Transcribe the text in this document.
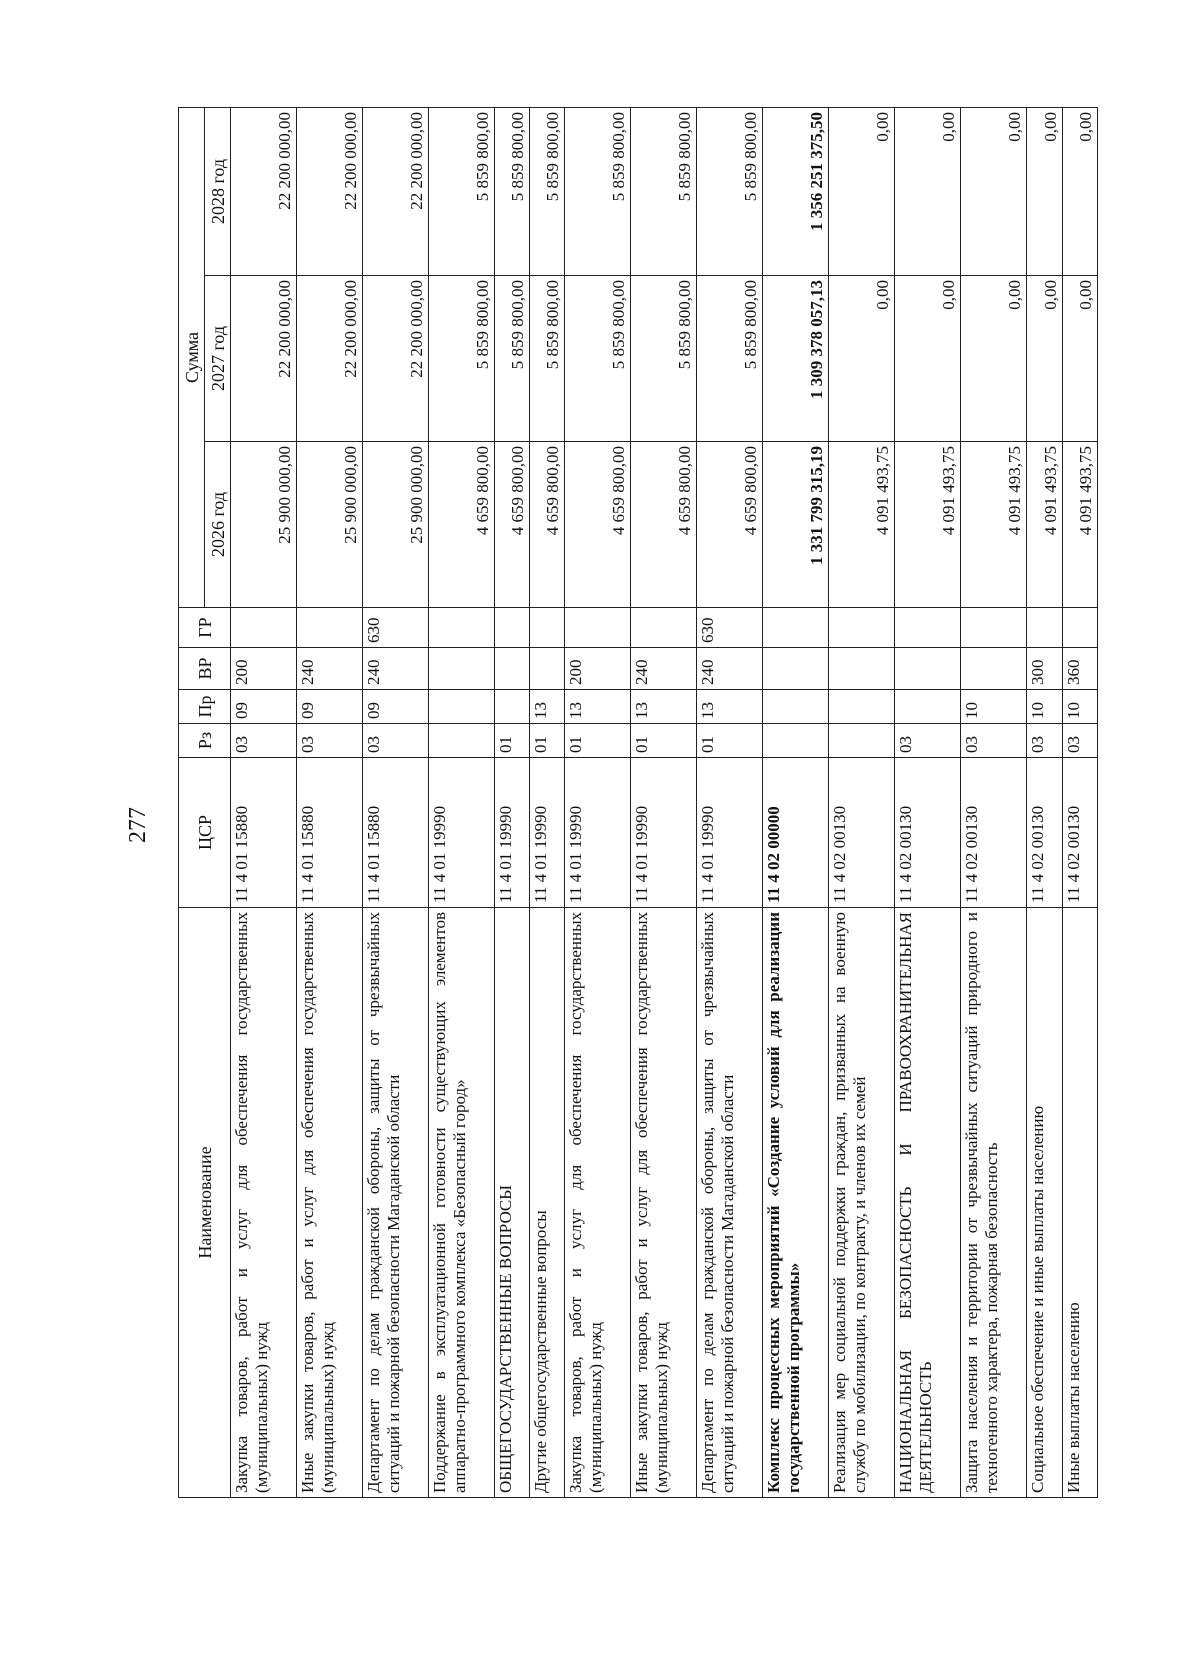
277
Наименование	ЦСР	Рз	Пр	ВР	ГР	Сумма		
						2026 год	2027 год	2028 год
Закупка товаров, работ и услуг для обеспечения государственных (муниципальных) нужд	11 4 01 15880	03	09	200		25 900 000,00	22 200 000,00	22 200 000,00
Иные закупки товаров, работ и услуг для обеспечения государственных (муниципальных) нужд	11 4 01 15880	03	09	240		25 900 000,00	22 200 000,00	22 200 000,00
Департамент по делам гражданской обороны, защиты от чрезвычайных ситуаций и пожарной безопасности Магаданской области	11 4 01 15880	03	09	240	630	25 900 000,00	22 200 000,00	22 200 000,00
Поддержание в эксплуатационной готовности существующих элементов аппаратно-программного комплекса «Безопасный город»	11 4 01 19990					4 659 800,00	5 859 800,00	5 859 800,00
ОБЩЕГОСУДАРСТВЕННЫЕ ВОПРОСЫ	11 4 01 19990	01				4 659 800,00	5 859 800,00	5 859 800,00
Другие общегосударственные вопросы	11 4 01 19990	01	13			4 659 800,00	5 859 800,00	5 859 800,00
Закупка товаров, работ и услуг для обеспечения государственных (муниципальных) нужд	11 4 01 19990	01	13	200		4 659 800,00	5 859 800,00	5 859 800,00
Иные закупки товаров, работ и услуг для обеспечения государственных (муниципальных) нужд	11 4 01 19990	01	13	240		4 659 800,00	5 859 800,00	5 859 800,00
Департамент по делам гражданской обороны, защиты от чрезвычайных ситуаций и пожарной безопасности Магаданской области	11 4 01 19990	01	13	240	630	4 659 800,00	5 859 800,00	5 859 800,00
Комплекс процессных мероприятий «Создание условий для реализации государственной программы»	11 4 02 00000					1 331 799 315,19	1 309 378 057,13	1 356 251 375,50
Реализация мер социальной поддержки граждан, призванных на военную службу по мобилизации, по контракту, и членов их семей	11 4 02 00130					4 091 493,75	0,00	0,00
НАЦИОНАЛЬНАЯ БЕЗОПАСНОСТЬ И ПРАВООХРАНИТЕЛЬНАЯ ДЕЯТЕЛЬНОСТЬ	11 4 02 00130	03				4 091 493,75	0,00	0,00
Защита населения и территории от чрезвычайных ситуаций природного и техногенного характера, пожарная безопасность	11 4 02 00130	03	10			4 091 493,75	0,00	0,00
Социальное обеспечение и иные выплаты населению	11 4 02 00130	03	10	300		4 091 493,75	0,00	0,00
Иные выплаты населению	11 4 02 00130	03	10	360		4 091 493,75	0,00	0,00
